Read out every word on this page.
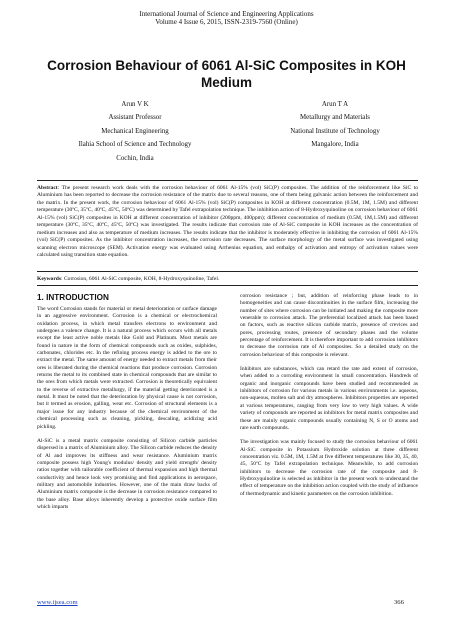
International Journal of Science and Engineering Applications
Volume 4 Issue 6, 2015, ISSN-2319-7560 (Online)
Corrosion Behaviour of 6061 Al-SiC Composites in KOH Medium
Arun V K
Assistant Professor
Mechanical Engineering
Ilahia School of Science and Technology
Cochin, India
Arun T A
Metallurgy and Materials
National Institute of Technology
Mangalore, India
Abstract: The present research work deals with the corrosion behaviour of 6061 Al-15% (vol) SiC(P) composites. The addition of the reinforcement like SiC to Aluminium has been reported to decrease the corrosion resistance of the matrix due to several reasons, one of them being galvanic action between the reinforcement and the matrix. In the present work, the corrosion behaviour of 6061 Al-15% (vol) SiC(P) composites in KOH at different concentration (0.5M, 1M, 1.5M) and different temperature (30ºC, 35ºC, 40ºC, 45ºC, 50ºC) was determined by Tafel extrapolation technique. The inhibition action of 8-Hydroxyquinoline on corrosion behaviour of 6061 Al-15% (vol) SiC(P) composites in KOH at different concentration of inhibitor (200ppm, 400ppm); different concentration of medium (0.5M, 1M,1.5M) and different temperature (30ºC, 35ºC, 40ºC, 45ºC, 50ºC) was investigated. The results indicate that corrosion rate of Al-SiC composite in KOH increases as the concentration of medium increases and also as temperature of medium increases. The results indicate that the inhibitor is moderately effective in inhibiting the corrosion of 6061 Al-15% (vol) SiC(P) composites. As the inhibitor concentration increases, the corrosion rate decreases. The surface morphology of the metal surface was investigated using scanning electron microscope (SEM). Activation energy was evaluated using Arrhenius equation, and enthalpy of activation and entropy of activation values were calculated using transition state equation.
Keywords: Corrosion, 6061 Al-SiC composite, KOH, 8-Hydroxyquinoline, Tafel.
1. INTRODUCTION

The word Corrosion stands for material or metal deterioration or surface damage in an aggressive environment. Corrosion is a chemical or electrochemical oxidation process, in which metal transfers electrons to environment and undergoes a valence change. It is a natural process which occurs with all metals except the least active noble metals like Gold and Platinum. Most metals are found in nature in the form of chemical compounds such as oxides, sulphides, carbonates, chlorides etc. In the refining process energy is added to the ore to extract the metal. The same amount of energy needed to extract metals from their ores is liberated during the chemical reactions that produce corrosion. Corrosion returns the metal to its combined state in chemical compounds that are similar to the ores from which metals were extracted. Corrosion is theoretically equivalent to the reverse of extractive metallurgy, if the material getting deteriorated is a metal. It must be noted that the deterioration by physical cause is not corrosion, but it termed as erosion, galling, wear etc. Corrosion of structural elements is a major issue for any industry because of the chemical environment of the chemical processing such as cleaning, pickling, descaling, acidizing acid pickling.

Al-SiC is a metal matrix composite consisting of Silicon carbide particles dispersed in a matrix of Aluminium alloy. The Silicon carbide reduces the density of Al and improves its stiffness and wear resistance. Aluminium matrix composite possess high Young's modulus/ density and yield strength/ density ratios together with tailorable coefficient of thermal expansion and high thermal conductivity and hence look very promising and find applications in aerospace, military and automobile industries. However, one of the main draw backs of Aluminium matrix composite is the decrease in corrosion resistance compared to the base alloy. Base alloys inherently develop a protective oxide surface film which imparts

corrosion resistance ; but, addition of reinforcing phase leads to in homogeneities and can cause discontinuities in the surface film, increasing the number of sites where corrosion can be initiated and making the composite more venerable to corrosion attack. The preferential localized attack has been based on factors, such as reactive silicon carbide matrix, presence of crevices and pores, processing routes, presence of secondary phases and the volume percentage of reinforcement. It is therefore important to add corrosion inhibitors to decrease the corrosion rate of Al composites. So a detailed study on the corrosion behaviour of this composite is relevant.

Inhibitors are substances, which can retard the rate and extent of corrosion, when added to a corroding environment in small concentration. Hundreds of organic and inorganic compounds have been studied and recommended as inhibitors of corrosion for various metals in various environments i.e. aqueous, non-aqueous, molten salt and dry atmospheres. Inhibitors properties are reported at various temperatures, ranging from very low to very high values. A wide variety of compounds are reported as inhibitors for metal matrix composites and these are mainly organic compounds usually containing N, S or O atoms and rare earth compounds.

The investigation was mainly focused to study the corrosion behaviour of 6061 Al-SiC composite in Potassium Hydroxide solution at three different concentration viz. 0.5M, 1M, 1.5M at five different temperatures like 30, 35, 40, 45, 50ºC by Tafel extrapolation technique. Meanwhile, to add corrosion inhibitors to decrease the corrosion rate of the composite and 8-Hydroxyquinoline is selected as inhibitor in the present work to understand the effect of temperature on the inhibition action coupled with the study of influence of thermodynamic and kinetic parameters on the corrosion inhibition.

www.ijsea.com	366
